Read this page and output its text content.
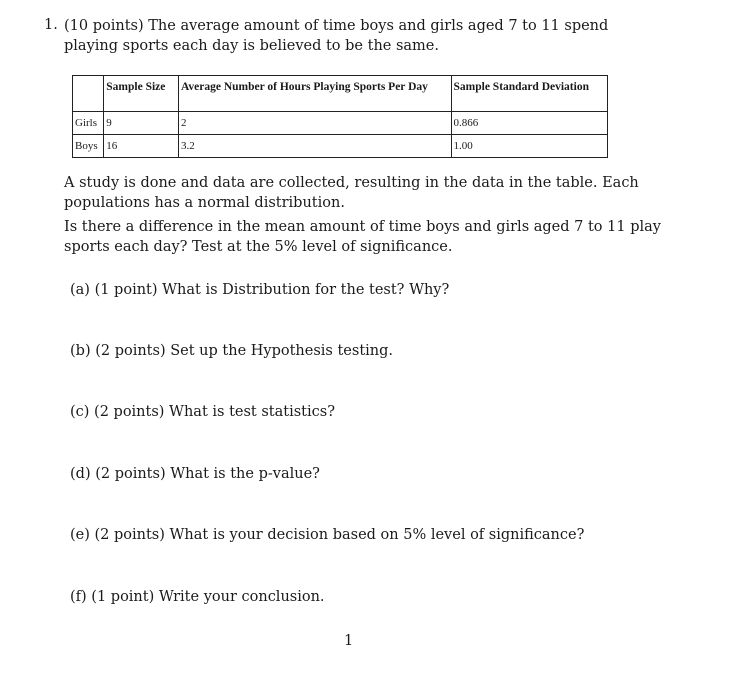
1. (10 points) The average amount of time boys and girls aged 7 to 11 spend playing sports each day is believed to be the same.
	Sample Size	Average Number of Hours Playing Sports Per Day	Sample Standard Deviation
Girls	9	2	0.866
Boys	16	3.2	1.00
A study is done and data are collected, resulting in the data in the table. Each populations has a normal distribution.
Is there a difference in the mean amount of time boys and girls aged 7 to 11 play sports each day? Test at the 5% level of significance.
(a) (1 point) What is Distribution for the test? Why?
(b) (2 points) Set up the Hypothesis testing.
(c) (2 points) What is test statistics?
(d) (2 points) What is the p-value?
(e) (2 points) What is your decision based on 5% level of significance?
(f) (1 point) Write your conclusion.
1
